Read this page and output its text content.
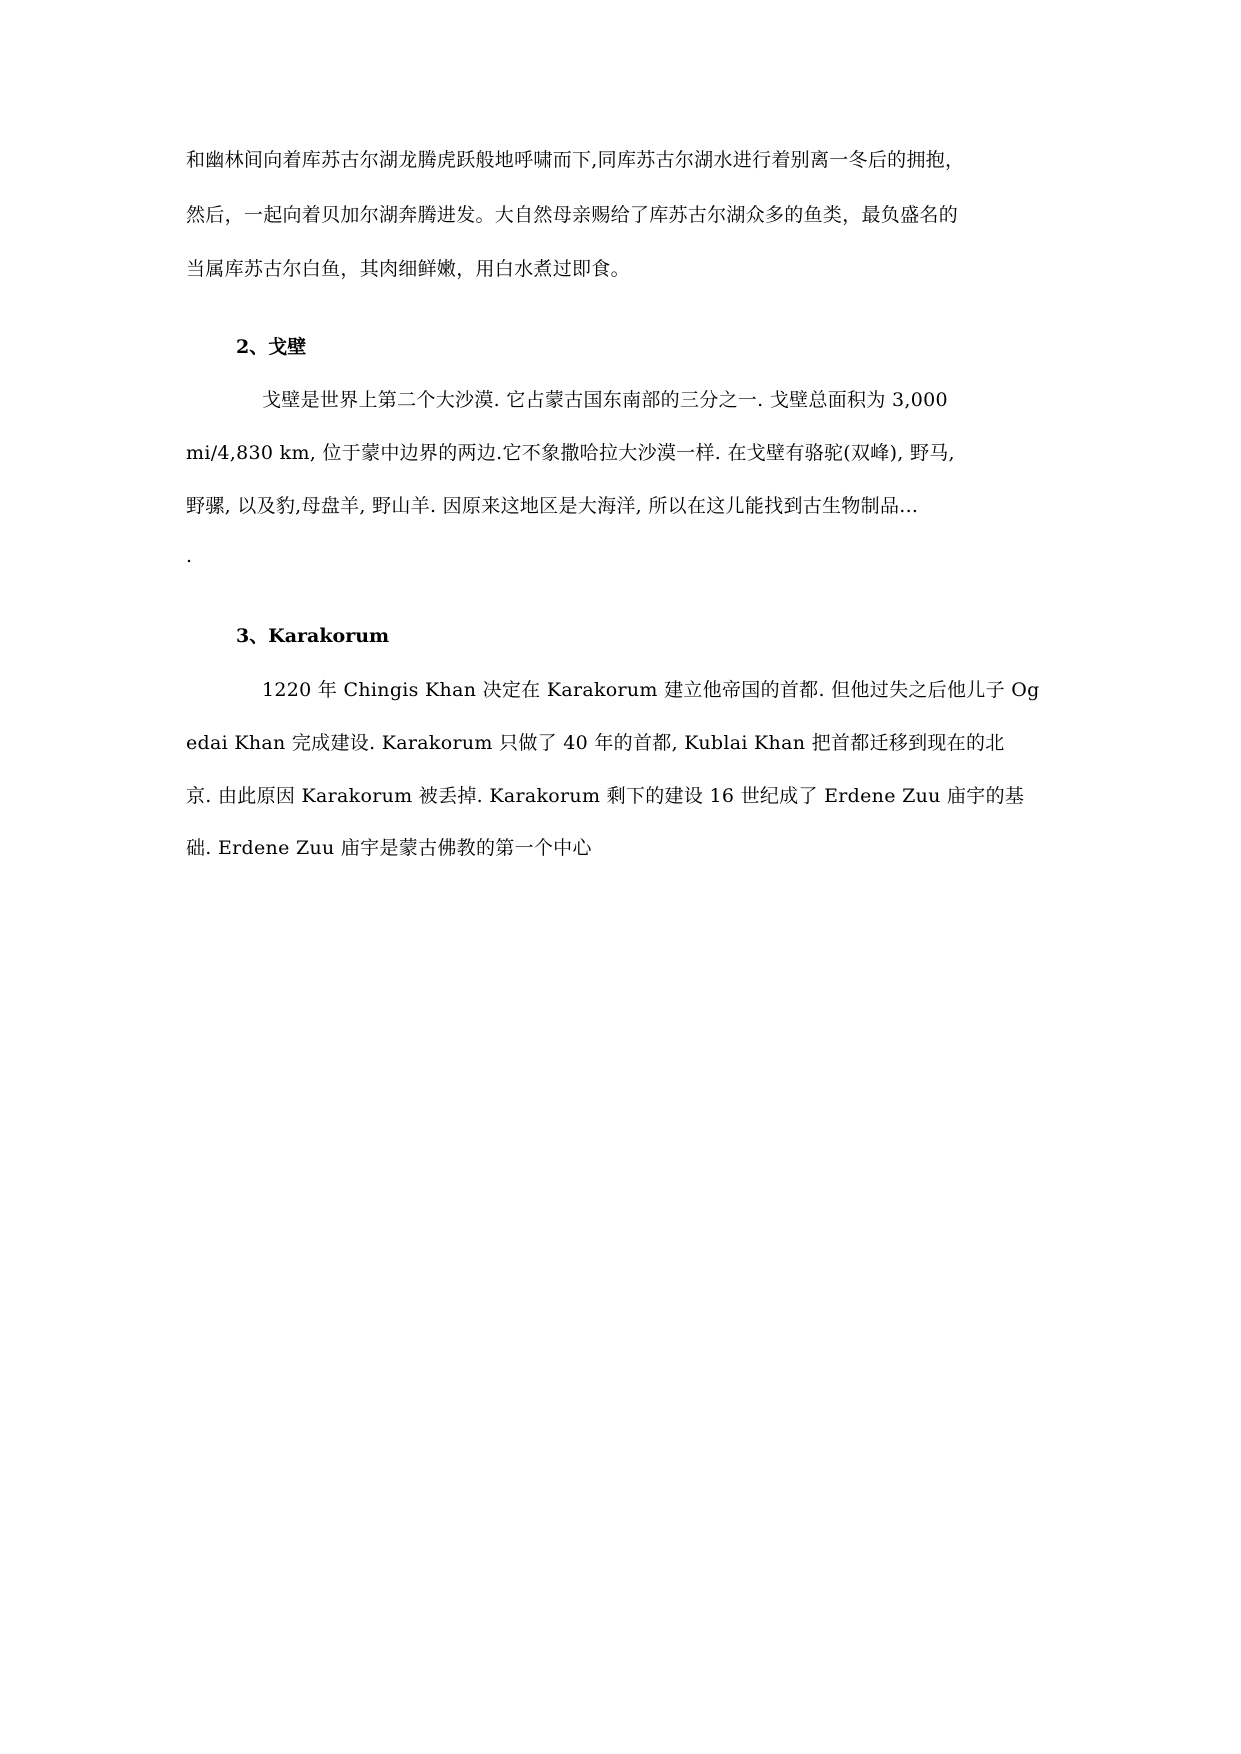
和幽林间向着库苏古尔湖龙腾虎跃般地呼啸而下,同库苏古尔湖水进行着别离一冬后的拥抱，
然后，一起向着贝加尔湖奔腾进发。大自然母亲赐给了库苏古尔湖众多的鱼类，最负盛名的
当属库苏古尔白鱼，其肉细鲜嫩，用白水煮过即食。
2、戈壁
戈壁是世界上第二个大沙漠. 它占蒙古国东南部的三分之一. 戈壁总面积为 3,000
mi/4,830 km, 位于蒙中边界的两边.它不象撒哈拉大沙漠一样. 在戈壁有骆驼(双峰), 野马,
野骡, 以及豹,母盘羊, 野山羊. 因原来这地区是大海洋, 所以在这儿能找到古生物制品...
.
3、Karakorum
1220 年 Chingis Khan 决定在 Karakorum 建立他帝国的首都. 但他过失之后他儿子 Og
edai Khan 完成建设. Karakorum 只做了 40 年的首都, Kublai Khan 把首都迁移到现在的北
京. 由此原因 Karakorum 被丢掉. Karakorum 剩下的建设 16 世纪成了 Erdene Zuu 庙宇的基
础. Erdene Zuu 庙宇是蒙古佛教的第一个中心
